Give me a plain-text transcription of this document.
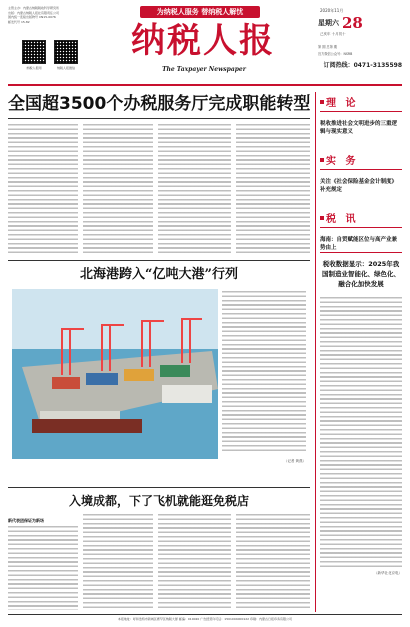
主管主办：内蒙古纳税税收科学研究所
出版：内蒙古纳税人报社有限责任公司
国内统一连续出版物号 CN15-0076
邮发代号 15-82
纳税人报网	纳税人报微信
为纳税人服务 替纳税人解忧
纳税人报
The Taxpayer Newspaper
2020年11月
星期六 28
己亥年 十月初十
第 期 总第 期
官方微信公众号：NSRB
订阅热线：0471-3135598
全国超3500个办税服务厅完成职能转型 理 论
税收推进社会文明进步的三重逻辑与现实意义
实 务
关注《社会保险基金会计制度》补充规定
税 讯
海南：自贸赋能区位与高产业兼势由上
税收数据显示：2025年我国制造业智能化、绿色化、融合化加快发展
（新华社北京电）
北海港跨入“亿吨大港”行列
（记者 黄燕）
入境成都，下了飞机就能逛免税店
新代表团保证为新场
本报地址：呼和浩特市新城区赛罕区纳税大厦 邮编：010020 广告经营许可证：1501004000122 印刷：内蒙古日报印务有限公司
